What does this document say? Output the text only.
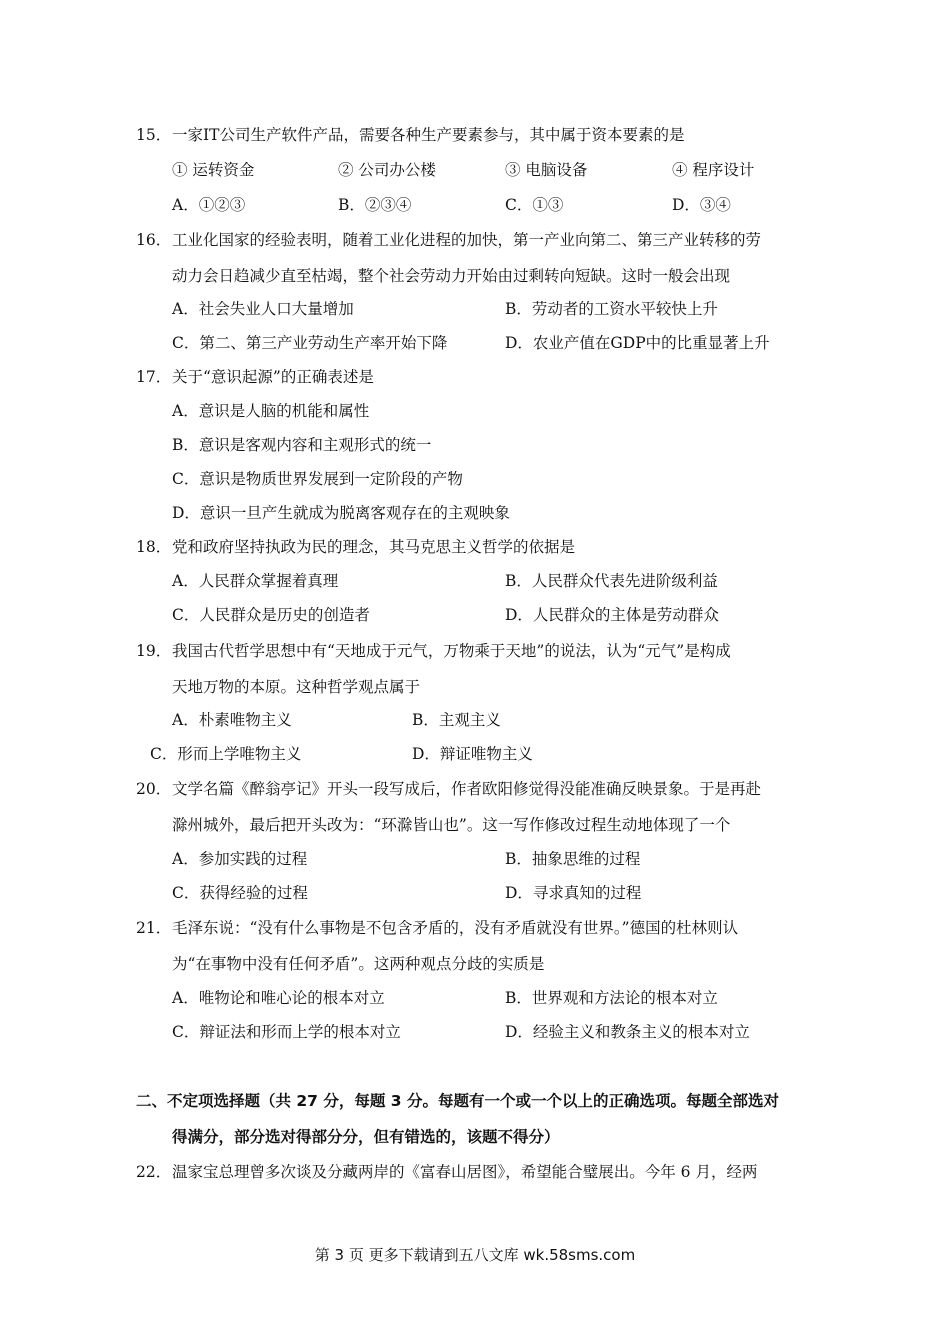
15． 一家IT公司生产软件产品，需要各种生产要素参与，其中属于资本要素的是
① 运转资金	② 公司办公楼	③ 电脑设备	④ 程序设计
A．①②③	B．②③④	C．①③	D．③④
16． 工业化国家的经验表明，随着工业化进程的加快，第一产业向第二、第三产业转移的劳
动力会日趋减少直至枯竭，整个社会劳动力开始由过剩转向短缺。这时一般会出现
A．社会失业人口大量增加	B．劳动者的工资水平较快上升
C．第二、第三产业劳动生产率开始下降	D．农业产值在GDP中的比重显著上升
17． 关于“意识起源”的正确表述是
A．意识是人脑的机能和属性
B．意识是客观内容和主观形式的统一
C．意识是物质世界发展到一定阶段的产物
D．意识一旦产生就成为脱离客观存在的主观映象
18． 党和政府坚持执政为民的理念，其马克思主义哲学的依据是
A．人民群众掌握着真理	B．人民群众代表先进阶级利益
C．人民群众是历史的创造者	D．人民群众的主体是劳动群众
19． 我国古代哲学思想中有“天地成于元气，万物乘于天地”的说法，认为“元气”是构成
天地万物的本原。这种哲学观点属于
A．朴素唯物主义	B．主观主义
C．形而上学唯物主义	D．辩证唯物主义
20． 文学名篇《醉翁亭记》开头一段写成后，作者欧阳修觉得没能准确反映景象。于是再赴
滁州城外，最后把开头改为：“环滁皆山也”。这一写作修改过程生动地体现了一个
A．参加实践的过程	B．抽象思维的过程
C．获得经验的过程	D．寻求真知的过程
21． 毛泽东说：“没有什么事物是不包含矛盾的，没有矛盾就没有世界。”德国的杜林则认
为“在事物中没有任何矛盾”。这两种观点分歧的实质是
A．唯物论和唯心论的根本对立	B．世界观和方法论的根本对立
C．辩证法和形而上学的根本对立	D．经验主义和教条主义的根本对立
二、不定项选择题（共 27 分，每题 3 分。每题有一个或一个以上的正确选项。每题全部选对
得满分，部分选对得部分分，但有错选的，该题不得分）
22． 温家宝总理曾多次谈及分藏两岸的《富春山居图》，希望能合璧展出。今年 6 月，经两
第 3 页 更多下载请到五八文库 wk.58sms.com
